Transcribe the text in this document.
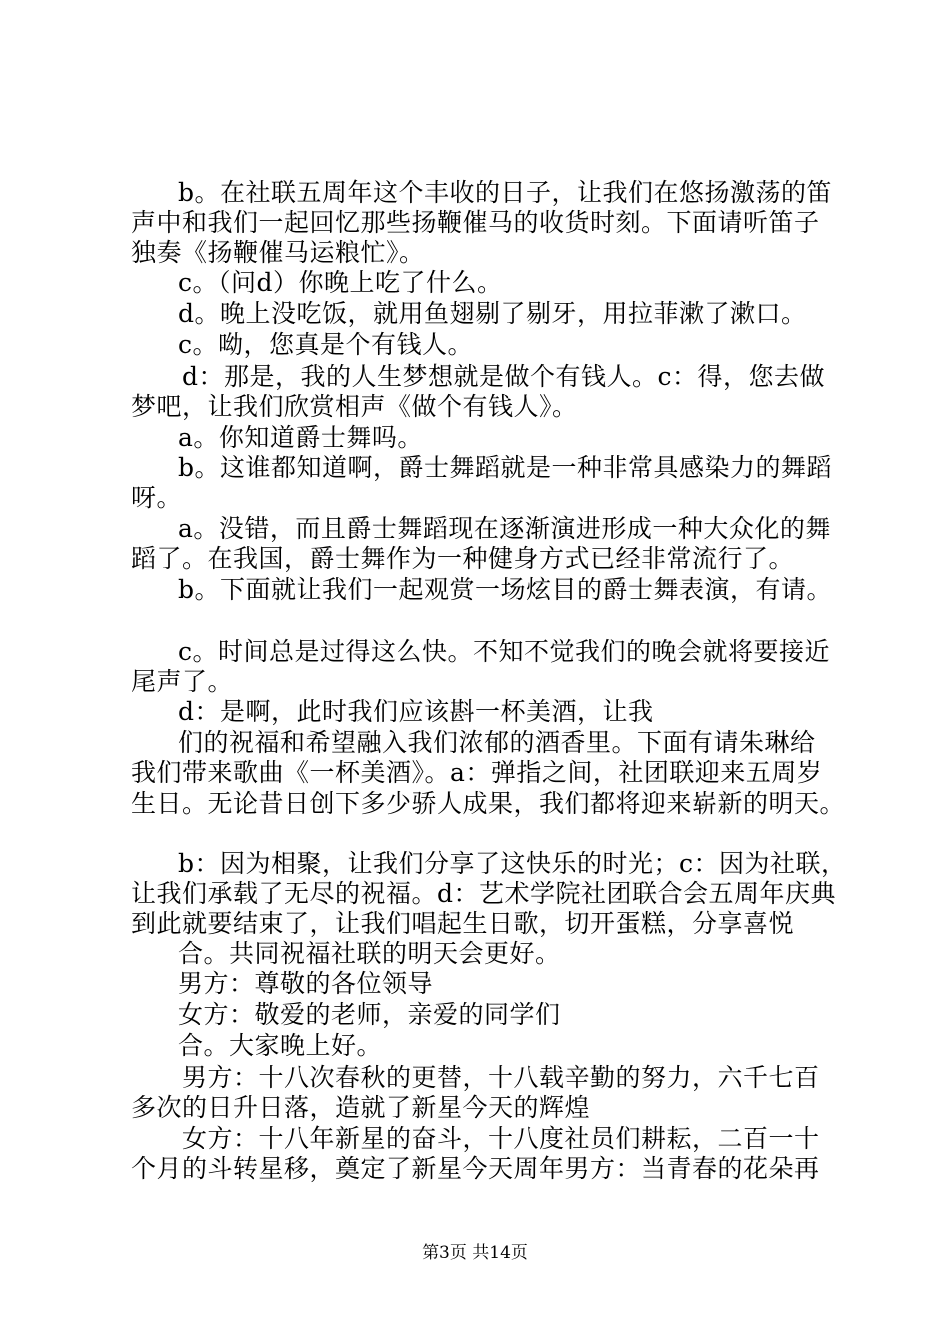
b。在社联五周年这个丰收的日子，让我们在悠扬激荡的笛
声中和我们一起回忆那些扬鞭催马的收货时刻。下面请听笛子
独奏《扬鞭催马运粮忙》。
c。（问d）你晚上吃了什么。
d。晚上没吃饭，就用鱼翅剔了剔牙，用拉菲漱了漱口。
c。呦，您真是个有钱人。
d：那是，我的人生梦想就是做个有钱人。c：得，您去做
梦吧，让我们欣赏相声《做个有钱人》。
a。你知道爵士舞吗。
b。这谁都知道啊，爵士舞蹈就是一种非常具感染力的舞蹈
呀。
a。没错，而且爵士舞蹈现在逐渐演进形成一种大众化的舞
蹈了。在我国，爵士舞作为一种健身方式已经非常流行了。
b。下面就让我们一起观赏一场炫目的爵士舞表演，有请。
c。时间总是过得这么快。不知不觉我们的晚会就将要接近
尾声了。
d：是啊，此时我们应该斟一杯美酒，让我
们的祝福和希望融入我们浓郁的酒香里。下面有请朱琳给
我们带来歌曲《一杯美酒》。a：弹指之间，社团联迎来五周岁
生日。无论昔日创下多少骄人成果，我们都将迎来崭新的明天。
b：因为相聚，让我们分享了这快乐的时光；c：因为社联，
让我们承载了无尽的祝福。d：艺术学院社团联合会五周年庆典
到此就要结束了，让我们唱起生日歌，切开蛋糕，分享喜悦
合。共同祝福社联的明天会更好。
男方：尊敬的各位领导
女方：敬爱的老师，亲爱的同学们
合。大家晚上好。
男方：十八次春秋的更替，十八载辛勤的努力，六千七百
多次的日升日落，造就了新星今天的辉煌
女方：十八年新星的奋斗，十八度社员们耕耘，二百一十
个月的斗转星移，奠定了新星今天周年男方：当青春的花朵再
第3页 共14页
